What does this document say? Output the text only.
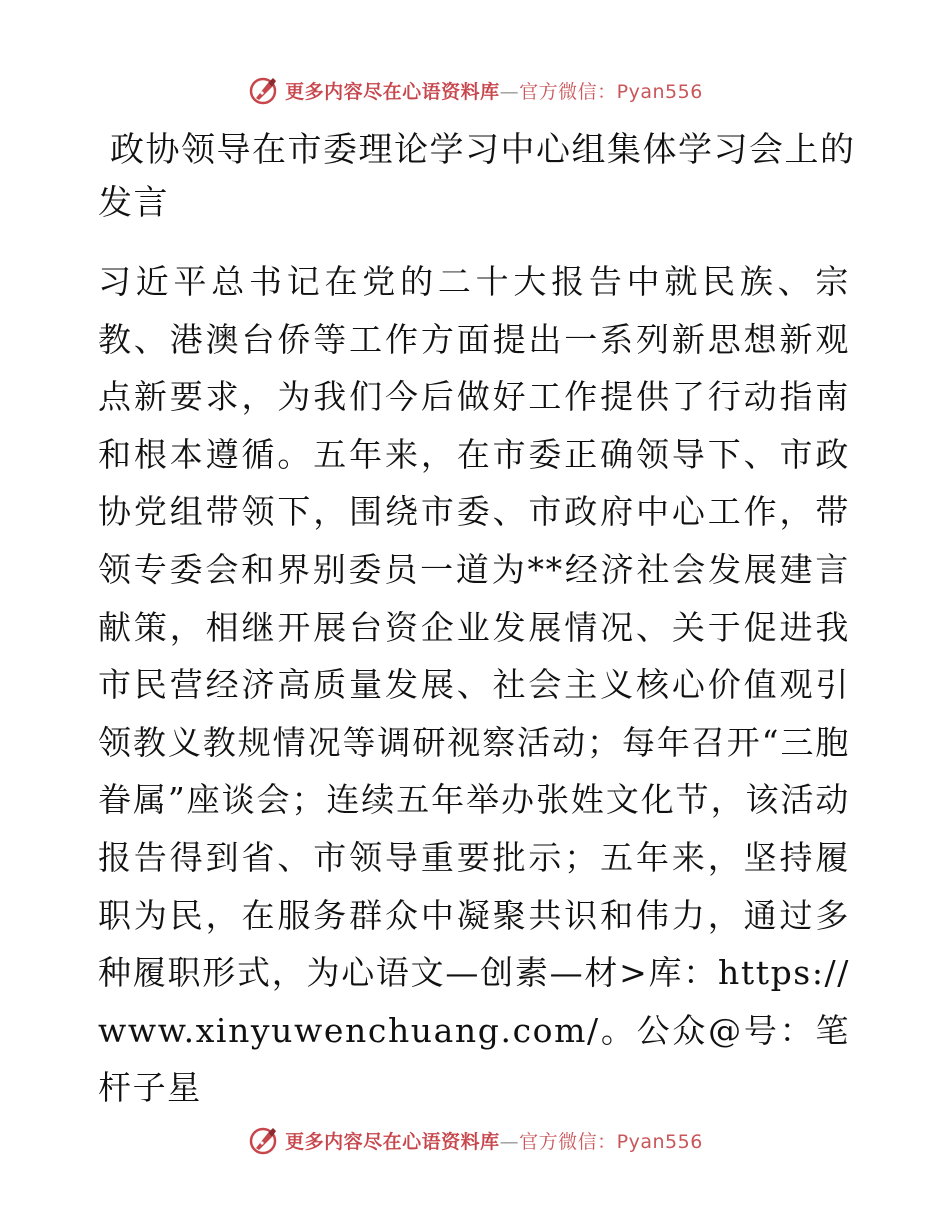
更多内容尽在心语资料库—官方微信：Pyan556
政协领导在市委理论学习中心组集体学习会上的发言

习近平总书记在党的二十大报告中就民族、宗教、港澳台侨等工作方面提出一系列新思想新观点新要求，为我们今后做好工作提供了行动指南和根本遵循。五年来，在市委正确领导下、市政协党组带领下，围绕市委、市政府中心工作，带领专委会和界别委员一道为**经济社会发展建言献策，相继开展台资企业发展情况、关于促进我市民营经济高质量发展、社会主义核心价值观引领教义教规情况等调研视察活动；每年召开“三胞眷属”座谈会；连续五年举办张姓文化节，该活动报告得到省、市领导重要批示；五年来，坚持履职为民，在服务群众中凝聚共识和伟力，通过多种履职形式，为心语文—创素—材>库：https://www.xinyuwenchuang.com/。公众@号：笔杆子星

更多内容尽在心语资料库—官方微信：Pyan556
